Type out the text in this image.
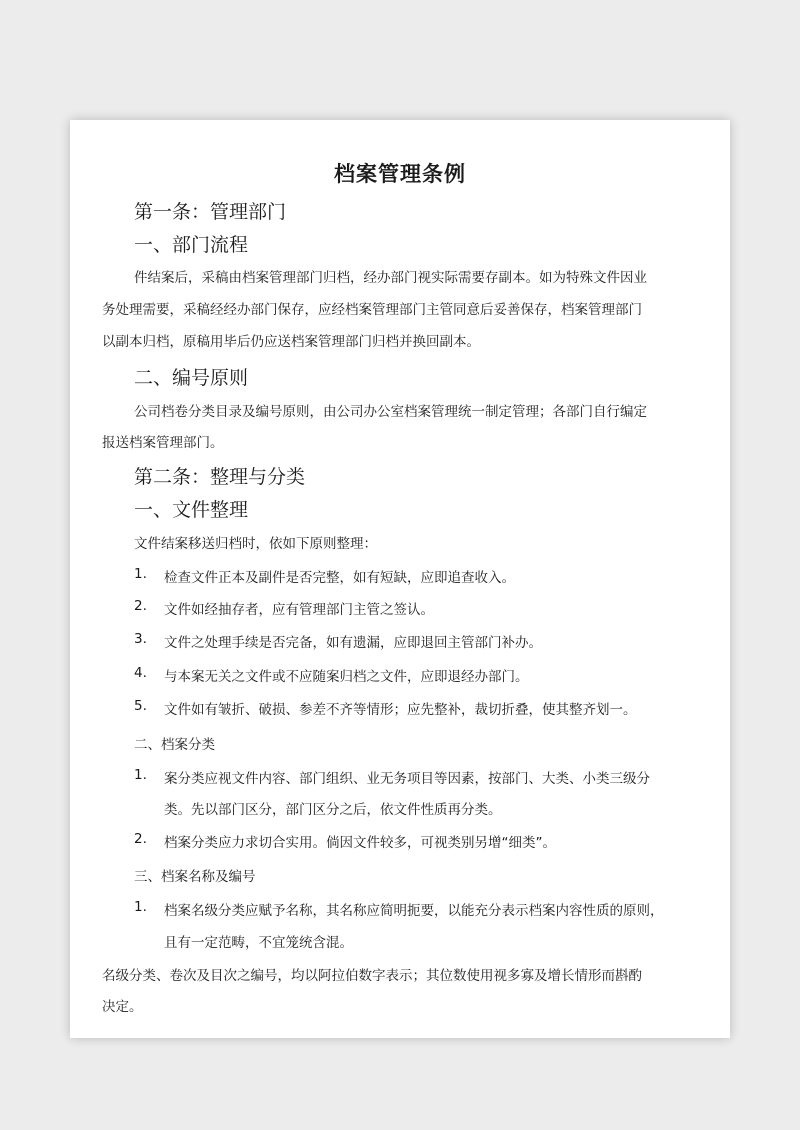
档案管理条例
第一条：管理部门
一、部门流程
件结案后，采稿由档案管理部门归档，经办部门视实际需要存副本。如为特殊文件因业
务处理需要，采稿经经办部门保存，应经档案管理部门主管同意后妥善保存，档案管理部门
以副本归档，原稿用毕后仍应送档案管理部门归档并换回副本。
二、编号原则
公司档卷分类目录及编号原则，由公司办公室档案管理统一制定管理；各部门自行编定
报送档案管理部门。
第二条：整理与分类
一、文件整理
文件结案移送归档时，依如下原则整理：
1. 检查文件正本及副件是否完整，如有短缺，应即追查收入。
2. 文件如经抽存者，应有管理部门主管之签认。
3. 文件之处理手续是否完备，如有遗漏，应即退回主管部门补办。
4. 与本案无关之文件或不应随案归档之文件，应即退经办部门。
5. 文件如有皱折、破损、参差不齐等情形；应先整补，裁切折叠，使其整齐划一。
二、档案分类
1. 案分类应视文件内容、部门组织、业无务项目等因素，按部门、大类、小类三级分
类。先以部门区分，部门区分之后，依文件性质再分类。
2. 档案分类应力求切合实用。倘因文件较多，可视类别另增“细类”。
三、档案名称及编号
1. 档案名级分类应赋予名称，其名称应简明扼要，以能充分表示档案内容性质的原则，
且有一定范畴，不宜笼统含混。
名级分类、卷次及目次之编号，均以阿拉伯数字表示；其位数使用视多寡及增长情形而斟酌
决定。
